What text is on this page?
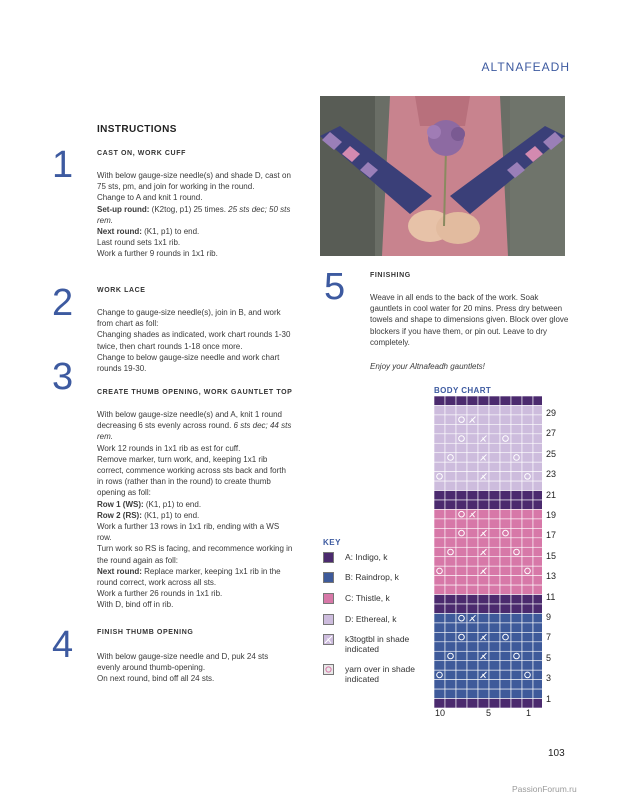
ALTNAFEADH
INSTRUCTIONS
1	CAST ON, WORK CUFF

With below gauge-size needle(s) and shade D, cast on 75 sts, pm, and join for working in the round.

Change to A and knit 1 round.

Set-up round: (K2tog, p1) 25 times. 25 sts dec; 50 sts rem.

Next round: (K1, p1) to end.

Last round sets 1x1 rib.

Work a further 9 rounds in 1x1 rib.

2	WORK LACE

Change to gauge-size needle(s), join in B, and work from chart as foll:

Changing shades as indicated, work chart rounds 1-30 twice, then chart rounds 1-18 once more.

Change to below gauge-size needle and work chart rounds 19-30.

3	CREATE THUMB OPENING, WORK GAUNTLET TOP

With below gauge-size needle(s) and A, knit 1 round decreasing 6 sts evenly across round. 6 sts dec; 44 sts rem.

Work 12 rounds in 1x1 rib as est for cuff.

Remove marker, turn work, and, keeping 1x1 rib correct, commence working across sts back and forth in rows (rather than in the round) to create thumb opening as foll:

Row 1 (WS): (K1, p1) to end.

Row 2 (RS): (K1, p1) to end.

Work a further 13 rows in 1x1 rib, ending with a WS row.

Turn work so RS is facing, and recommence working in the round again as foll:

Next round: Replace marker, keeping 1x1 rib in the round correct, work across all sts.

Work a further 26 rounds in 1x1 rib.

With D, bind off in rib.

4	FINISH THUMB OPENING

With below gauge-size needle and D, puk 24 sts evenly around thumb-opening.

On next round, bind off all 24 sts.

5	FINISHING

Weave in all ends to the back of the work. Soak gauntlets in cool water for 20 mins. Press dry between towels and shape to dimensions given. Block over glove blockers if you have them, or pin out. Leave to dry completely.

Enjoy your Altnafeadh gauntlets!
BODY CHART
29
27
25
23
21
19
17
15
13
11
9
7
5
3
1
10	5	1
KEY
A: Indigo, k
B: Raindrop, k
C: Thistle, k
D: Ethereal, k
k3togtbl in shade indicated
yarn over in shade indicated
103
PassionForum.ru
